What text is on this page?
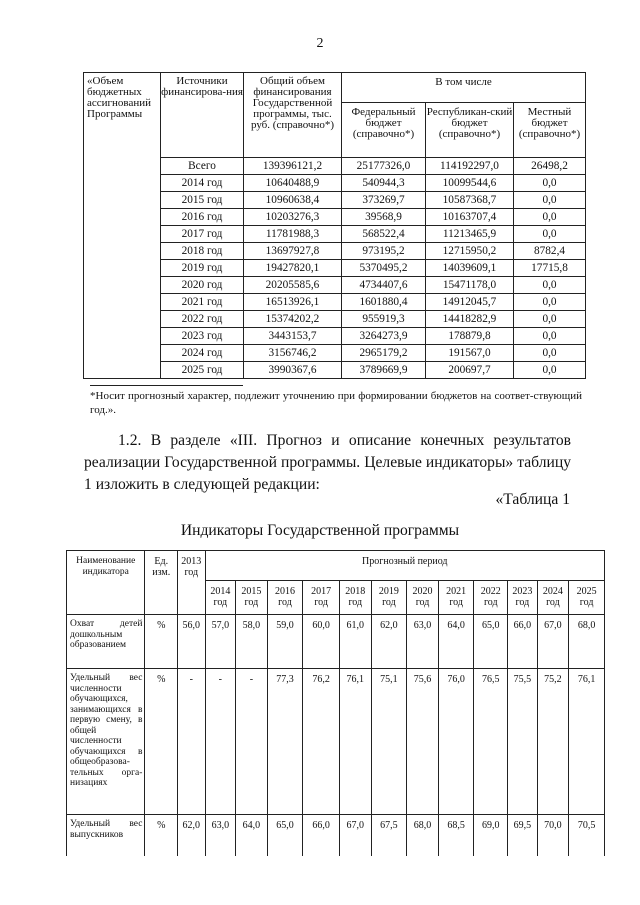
2
«Объем бюджетных ассигнований Программы	Источники финансирова-ния	Общий объем финансирования Государственной программы, тыс. руб. (справочно*)	В том числе		
			Федеральный бюджет (справочно*)	Республикан-ский бюджет (справочно*)	Местный бюджет (справочно*)
	Всего	139396121,2	25177326,0	114192297,0	26498,2
	2014 год	10640488,9	540944,3	10099544,6	0,0
	2015 год	10960638,4	373269,7	10587368,7	0,0
	2016 год	10203276,3	39568,9	10163707,4	0,0
	2017 год	11781988,3	568522,4	11213465,9	0,0
	2018 год	13697927,8	973195,2	12715950,2	8782,4
	2019 год	19427820,1	5370495,2	14039609,1	17715,8
	2020 год	20205585,6	4734407,6	15471178,0	0,0
	2021 год	16513926,1	1601880,4	14912045,7	0,0
	2022 год	15374202,2	955919,3	14418282,9	0,0
	2023 год	3443153,7	3264273,9	178879,8	0,0
	2024 год	3156746,2	2965179,2	191567,0	0,0
	2025 год	3990367,6	3789669,9	200697,7	0,0
*Носит прогнозный характер, подлежит уточнению при формировании бюджетов на соответ-ствующий год.».
1.2. В разделе «III. Прогноз и описание конечных результатов реализации Государственной программы. Целевые индикаторы» таблицу 1 изложить в следующей редакции:
«Таблица 1
Индикаторы Государственной программы
Наименование индикатора	Ед. изм.	2013 год	Прогнозный период											
			2014 год	2015 год	2016 год	2017 год	2018 год	2019 год	2020 год	2021 год	2022 год	2023 год	2024 год	2025 год
Охват детей дошкольным образованием	%	56,0	57,0	58,0	59,0	60,0	61,0	62,0	63,0	64,0	65,0	66,0	67,0	68,0
Удельный вес численности обучающихся, занимающихся в первую смену, в общей численности обучающихся в общеобразова-тельных орга-низациях	%	-	-	-	77,3	76,2	76,1	75,1	75,6	76,0	76,5	75,5	75,2	76,1
Удельный вес выпускников	%	62,0	63,0	64,0	65,0	66,0	67,0	67,5	68,0	68,5	69,0	69,5	70,0	70,5
